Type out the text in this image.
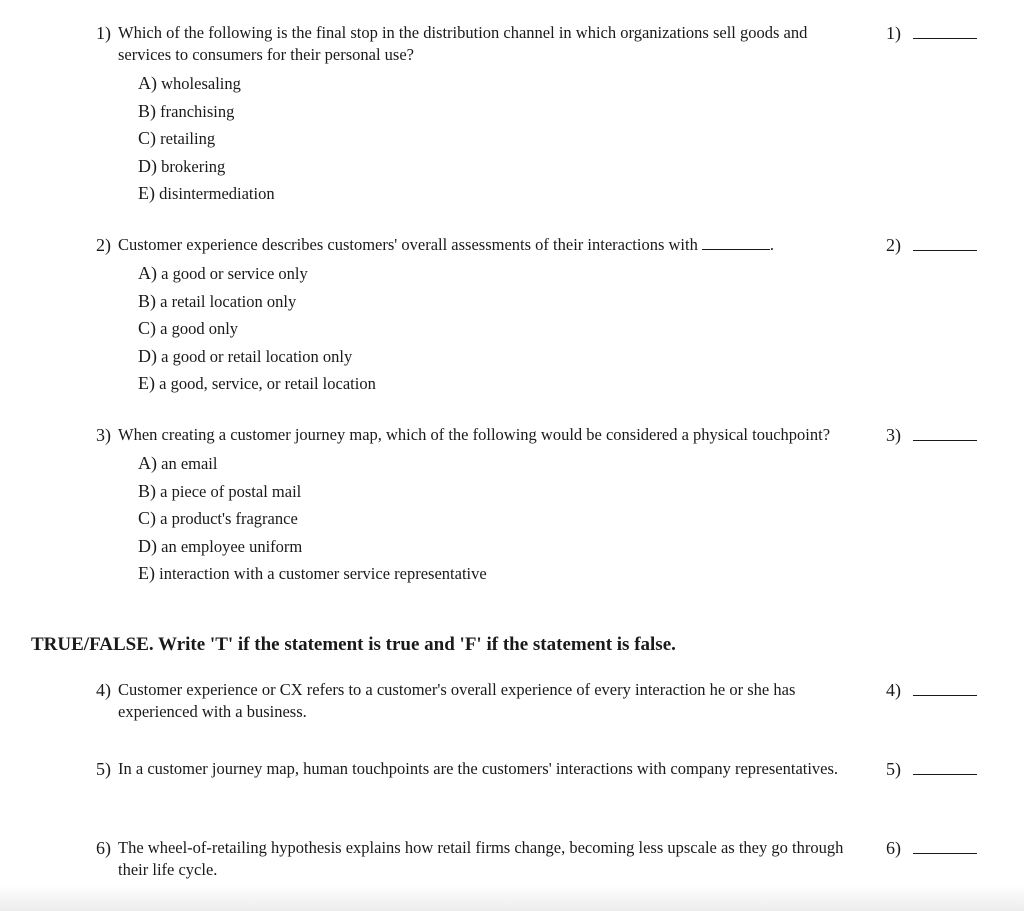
1) Which of the following is the final stop in the distribution channel in which organizations sell goods and services to consumers for their personal use?
1)
A) wholesaling
B) franchising
C) retailing
D) brokering
E) disintermediation
2) Customer experience describes customers' overall assessments of their interactions with	.	2)
A) a good or service only
B) a retail location only
C) a good only
D) a good or retail location only
E) a good, service, or retail location
3) When creating a customer journey map, which of the following would be considered a physical touchpoint?	3)
A) an email
B) a piece of postal mail
C) a product's fragrance
D) an employee uniform
E) interaction with a customer service representative
TRUE/FALSE. Write 'T' if the statement is true and 'F' if the statement is false.
4) Customer experience or CX refers to a customer's overall experience of every interaction he or she has experienced with a business.
4)
5) In a customer journey map, human touchpoints are the customers' interactions with company representatives.	5)
6) The wheel-of-retailing hypothesis explains how retail firms change, becoming less upscale as they go through their life cycle.
6)
